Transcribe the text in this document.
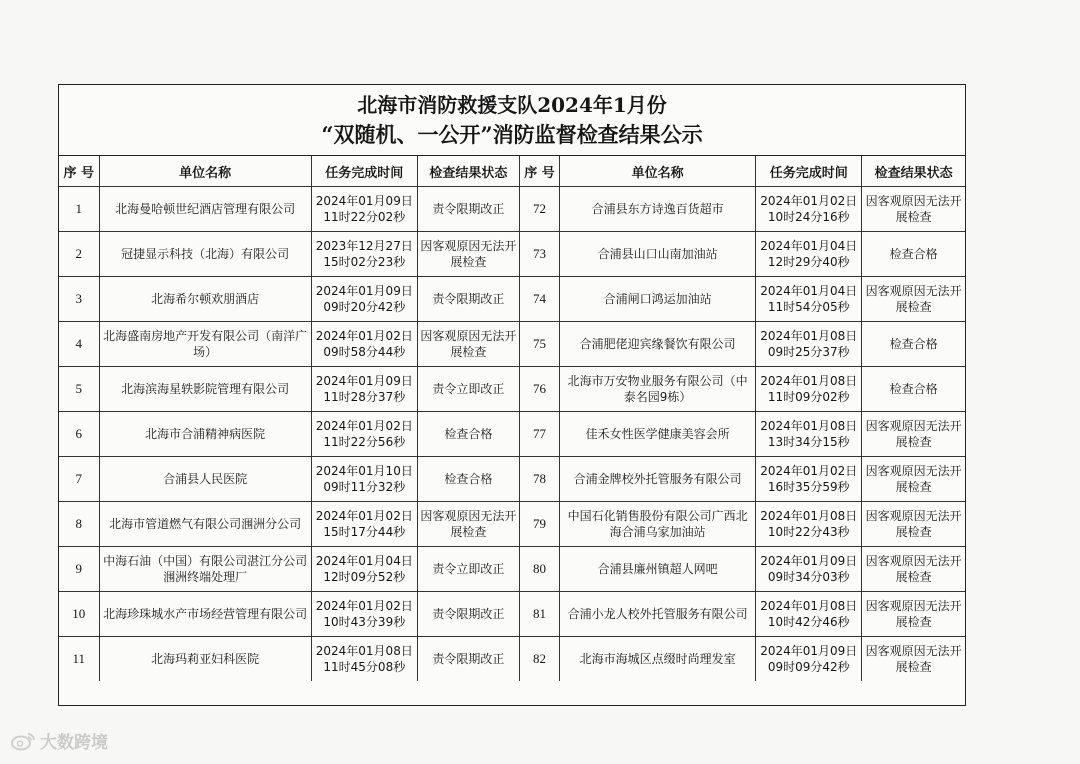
北海市消防救援支队2024年1月份
“双随机、一公开”消防监督检查结果公示
序 号	单位名称	任务完成时间	检查结果状态	序 号	单位名称	任务完成时间	检查结果状态
1	北海曼哈顿世纪酒店管理有限公司	2024年01月09日11时22分02秒	责令限期改正	72	合浦县东方诗逸百货超市	2024年01月02日10时24分16秒	因客观原因无法开展检查
2	冠捷显示科技（北海）有限公司	2023年12月27日15时02分23秒	因客观原因无法开展检查	73	合浦县山口山南加油站	2024年01月04日12时29分40秒	检查合格
3	北海希尔顿欢朋酒店	2024年01月09日09时20分42秒	责令限期改正	74	合浦闸口鸿运加油站	2024年01月04日11时54分05秒	因客观原因无法开展检查
4	北海盛南房地产开发有限公司（南洋广场）	2024年01月02日09时58分44秒	因客观原因无法开展检查	75	合浦肥佬迎宾缘餐饮有限公司	2024年01月08日09时25分37秒	检查合格
5	北海滨海星轶影院管理有限公司	2024年01月09日11时28分37秒	责令立即改正	76	北海市万安物业服务有限公司（中泰名园9栋）	2024年01月08日11时09分02秒	检查合格
6	北海市合浦精神病医院	2024年01月02日11时22分56秒	检查合格	77	佳禾女性医学健康美容会所	2024年01月08日13时34分15秒	因客观原因无法开展检查
7	合浦县人民医院	2024年01月10日09时11分32秒	检查合格	78	合浦金牌校外托管服务有限公司	2024年01月02日16时35分59秒	因客观原因无法开展检查
8	北海市管道燃气有限公司涠洲分公司	2024年01月02日15时17分44秒	因客观原因无法开展检查	79	中国石化销售股份有限公司广西北海合浦乌家加油站	2024年01月08日10时22分43秒	因客观原因无法开展检查
9	中海石油（中国）有限公司湛江分公司涠洲终端处理厂	2024年01月04日12时09分52秒	责令立即改正	80	合浦县廉州镇超人网吧	2024年01月09日09时34分03秒	因客观原因无法开展检查
10	北海珍珠城水产市场经营管理有限公司	2024年01月02日10时43分39秒	责令限期改正	81	合浦小龙人校外托管服务有限公司	2024年01月08日10时42分46秒	因客观原因无法开展检查
11	北海玛莉亚妇科医院	2024年01月08日11时45分08秒	责令限期改正	82	北海市海城区点缀时尚理发室	2024年01月09日09时09分42秒	因客观原因无法开展检查
大数跨境
